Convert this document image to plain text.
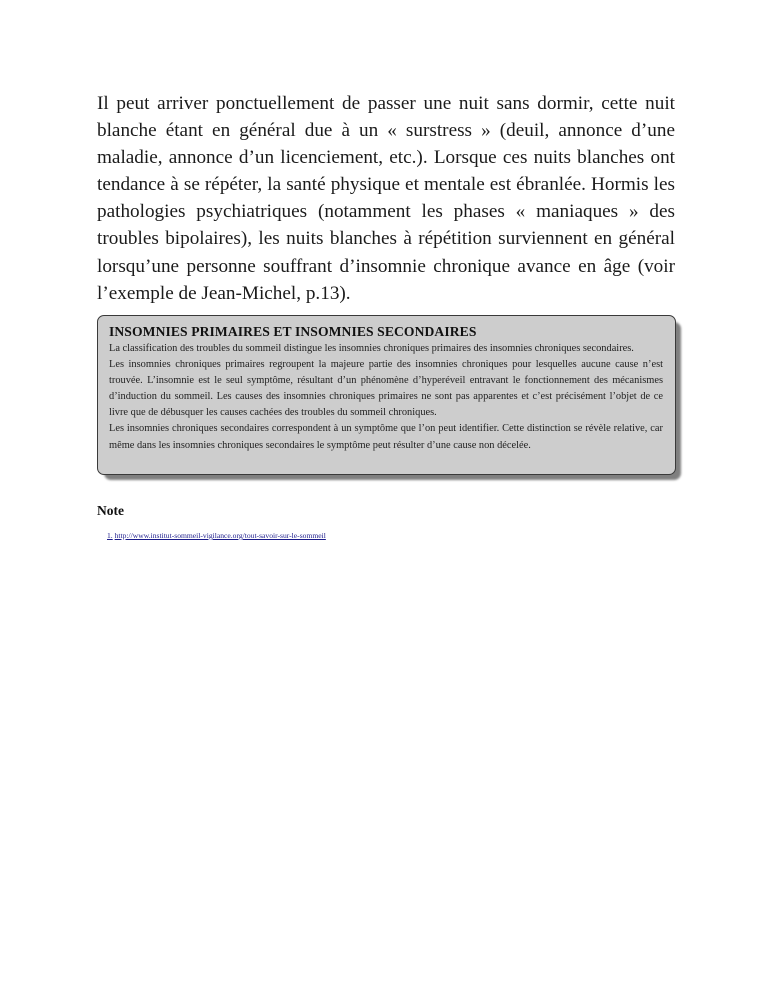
Il peut arriver ponctuellement de passer une nuit sans dormir, cette nuit blanche étant en général due à un « surstress » (deuil, annonce d’une maladie, annonce d’un licenciement, etc.). Lorsque ces nuits blanches ont tendance à se répéter, la santé physique et mentale est ébranlée. Hormis les pathologies psychiatriques (notamment les phases « maniaques » des troubles bipolaires), les nuits blanches à répétition surviennent en général lorsqu’une personne souffrant d’insomnie chronique avance en âge (voir l’exemple de Jean-Michel, p.13).

INSOMNIES PRIMAIRES ET INSOMNIES SECONDAIRES

La classification des troubles du sommeil distingue les insomnies chroniques primaires des insomnies chroniques secondaires.

Les insomnies chroniques primaires regroupent la majeure partie des insomnies chroniques pour lesquelles aucune cause n’est trouvée. L’insomnie est le seul symptôme, résultant d’un phénomène d’hyperéveil entravant le fonctionnement des mécanismes d’induction du sommeil. Les causes des insomnies chroniques primaires ne sont pas apparentes et c’est précisément l’objet de ce livre que de débusquer les causes cachées des troubles du sommeil chroniques.

Les insomnies chroniques secondaires correspondent à un symptôme que l’on peut identifier. Cette distinction se révèle relative, car même dans les insomnies chroniques secondaires le symptôme peut résulter d’une cause non décelée.

Note
1. http://www.institut-sommeil-vigilance.org/tout-savoir-sur-le-sommeil
